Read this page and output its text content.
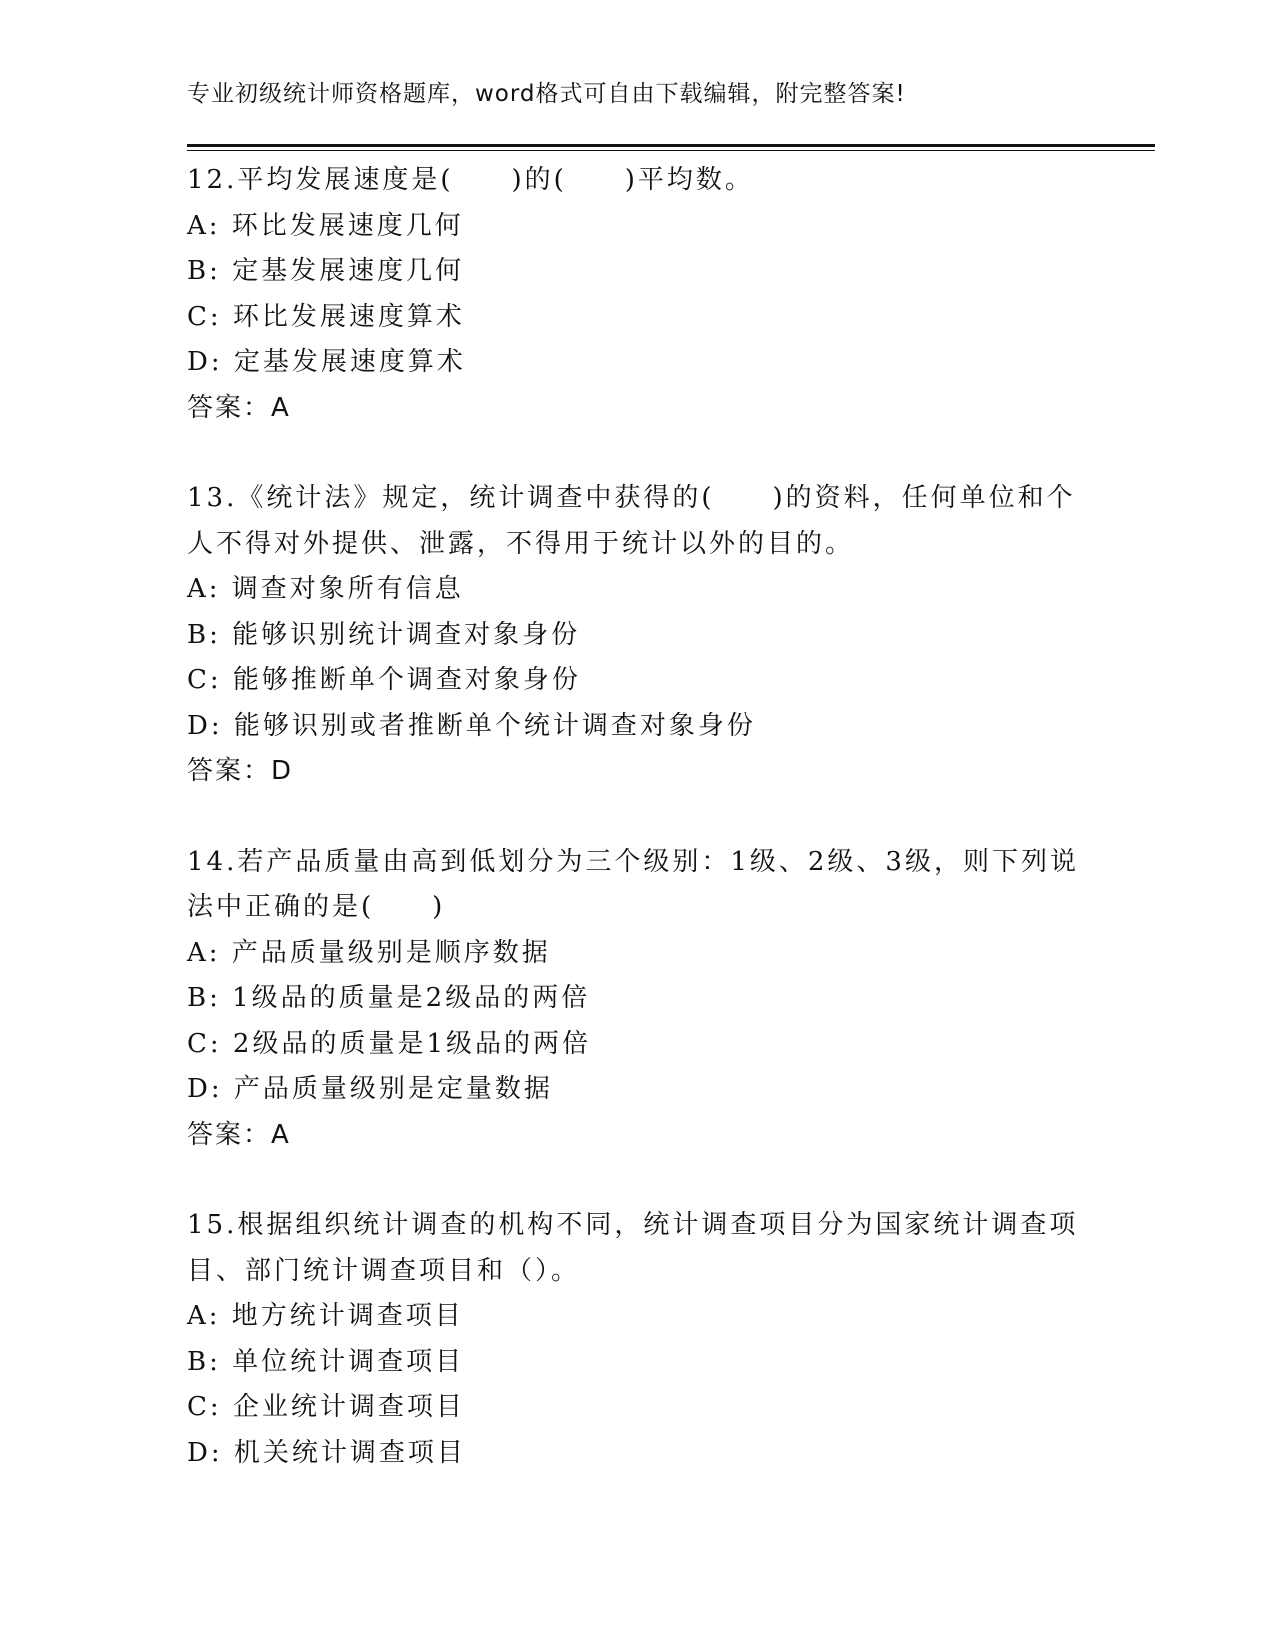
专业初级统计师资格题库，word格式可自由下载编辑，附完整答案!
12.平均发展速度是(　　)的(　　)平均数。
A: 环比发展速度几何
B: 定基发展速度几何
C: 环比发展速度算术
D: 定基发展速度算术
答案：A
13.《统计法》规定，统计调查中获得的(　　)的资料，任何单位和个
人不得对外提供、泄露，不得用于统计以外的目的。
A: 调查对象所有信息
B: 能够识别统计调查对象身份
C: 能够推断单个调查对象身份
D: 能够识别或者推断单个统计调查对象身份
答案：D
14.若产品质量由高到低划分为三个级别：1级、2级、3级，则下列说
法中正确的是(　　)
A: 产品质量级别是顺序数据
B: 1级品的质量是2级品的两倍
C: 2级品的质量是1级品的两倍
D: 产品质量级别是定量数据
答案：A
15.根据组织统计调查的机构不同，统计调查项目分为国家统计调查项
目、部门统计调查项目和（）。
A: 地方统计调查项目
B: 单位统计调查项目
C: 企业统计调查项目
D: 机关统计调查项目
